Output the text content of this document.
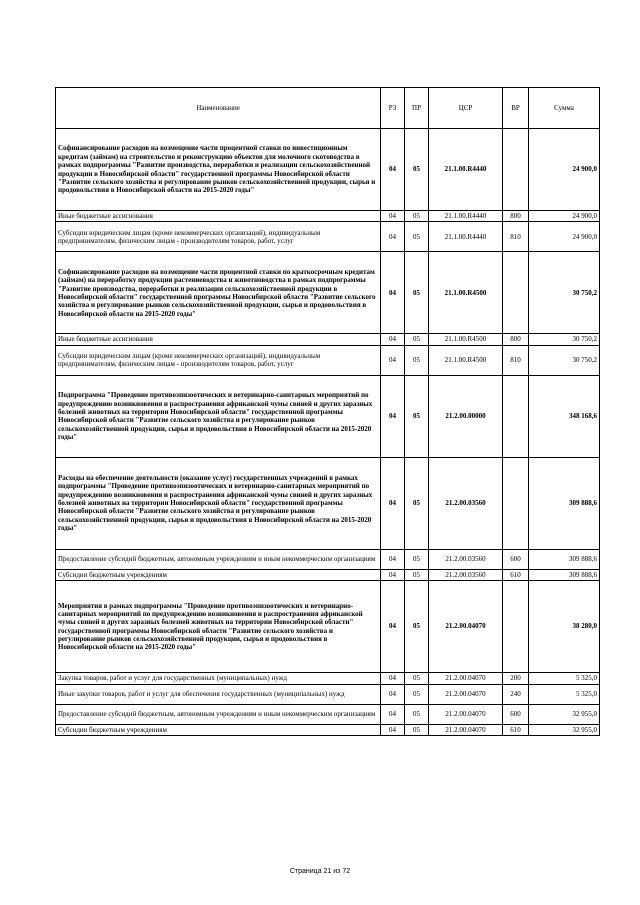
Наименование	РЗ	ПР	ЦСР	ВР	Сумма
Софинансирование расходов на возмещение части процентной ставки по инвестиционным кредитам (займам) на строительство и реконструкцию объектов для молочного скотоводства в рамках подпрограммы "Развитие производства, переработки и реализации сельскохозяйственной продукции в Новосибирской области" государственной программы Новосибирской области "Развитие сельского хозяйства и регулирование рынков сельскохозяйственной продукции, сырья и продовольствия в Новосибирской области на 2015-2020 годы"	04	05	21.1.00.R4440		24 900,0
Иные бюджетные ассигнования	04	05	21.1.00.R4440	800	24 900,0
Субсидии юридическим лицам (кроме некоммерческих организаций), индивидуальным предпринимателям, физическим лицам - производителям товаров, работ, услуг	04	05	21.1.00.R4440	810	24 900,0
Софинансирование расходов на возмещение части процентной ставки по краткосрочным кредитам (займам) на переработку продукции растениеводства и животноводства в рамках подпрограммы "Развитие производства, переработки и реализации сельскохозяйственной продукции в Новосибирской области" государственной программы Новосибирской области "Развитие сельского хозяйства и регулирование рынков сельскохозяйственной продукции, сырья и продовольствия в Новосибирской области на 2015-2020 годы"	04	05	21.1.00.R4500		30 750,2
Иные бюджетные ассигнования	04	05	21.1.00.R4500	800	30 750,2
Субсидии юридическим лицам (кроме некоммерческих организаций), индивидуальным предпринимателям, физическим лицам - производителям товаров, работ, услуг	04	05	21.1.00.R4500	810	30 750,2
Подпрограмма "Проведение противоэпизоотических и ветеринарно-санитарных мероприятий по предупреждению возникновения и распространения африканской чумы свиней и других заразных болезней животных на территории Новосибирской области" государственной программы Новосибирской области "Развитие сельского хозяйства и регулирование рынков сельскохозяйственной продукции, сырья и продовольствия в Новосибирской области на 2015-2020 годы"	04	05	21.2.00.00000		348 168,6
Расходы на обеспечение деятельности (оказание услуг) государственных учреждений в рамках подпрограммы "Проведение противоэпизоотических и ветеринарно-санитарных мероприятий по предупреждению возникновения и распространения африканской чумы свиней и других заразных болезней животных на территории Новосибирской области" государственной программы Новосибирской области "Развитие сельского хозяйства и регулирование рынков сельскохозяйственной продукции, сырья и продовольствия в Новосибирской области на 2015-2020 годы"	04	05	21.2.00.03560		309 888,6
Предоставление субсидий бюджетным, автономным учреждениям и иным некоммерческим организациям	04	05	21.2.00.03560	600	309 888,6
Субсидии бюджетным учреждениям	04	05	21.2.00.03560	610	309 888,6
Мероприятия в рамках подпрограммы "Проведение противоэпизоотических и ветеринарно-санитарных мероприятий по предупреждению возникновения и распространения африканской чумы свиней и других заразных болезней животных на территории Новосибирской области" государственной программы Новосибирской области "Развитие сельского хозяйства и регулирование рынков сельскохозяйственной продукции, сырья и продовольствия в Новосибирской области на 2015-2020 годы"	04	05	21.2.00.04070		38 280,0
Закупка товаров, работ и услуг для государственных (муниципальных) нужд	04	05	21.2.00.04070	200	5 325,0
Иные закупки товаров, работ и услуг для обеспечения государственных (муниципальных) нужд	04	05	21.2.00.04070	240	5 325,0
Предоставление субсидий бюджетным, автономным учреждениям и иным некоммерческим организациям	04	05	21.2.00.04070	600	32 955,0
Субсидии бюджетным учреждениям	04	05	21.2.00.04070	610	32 955,0
Страница 21 из 72
